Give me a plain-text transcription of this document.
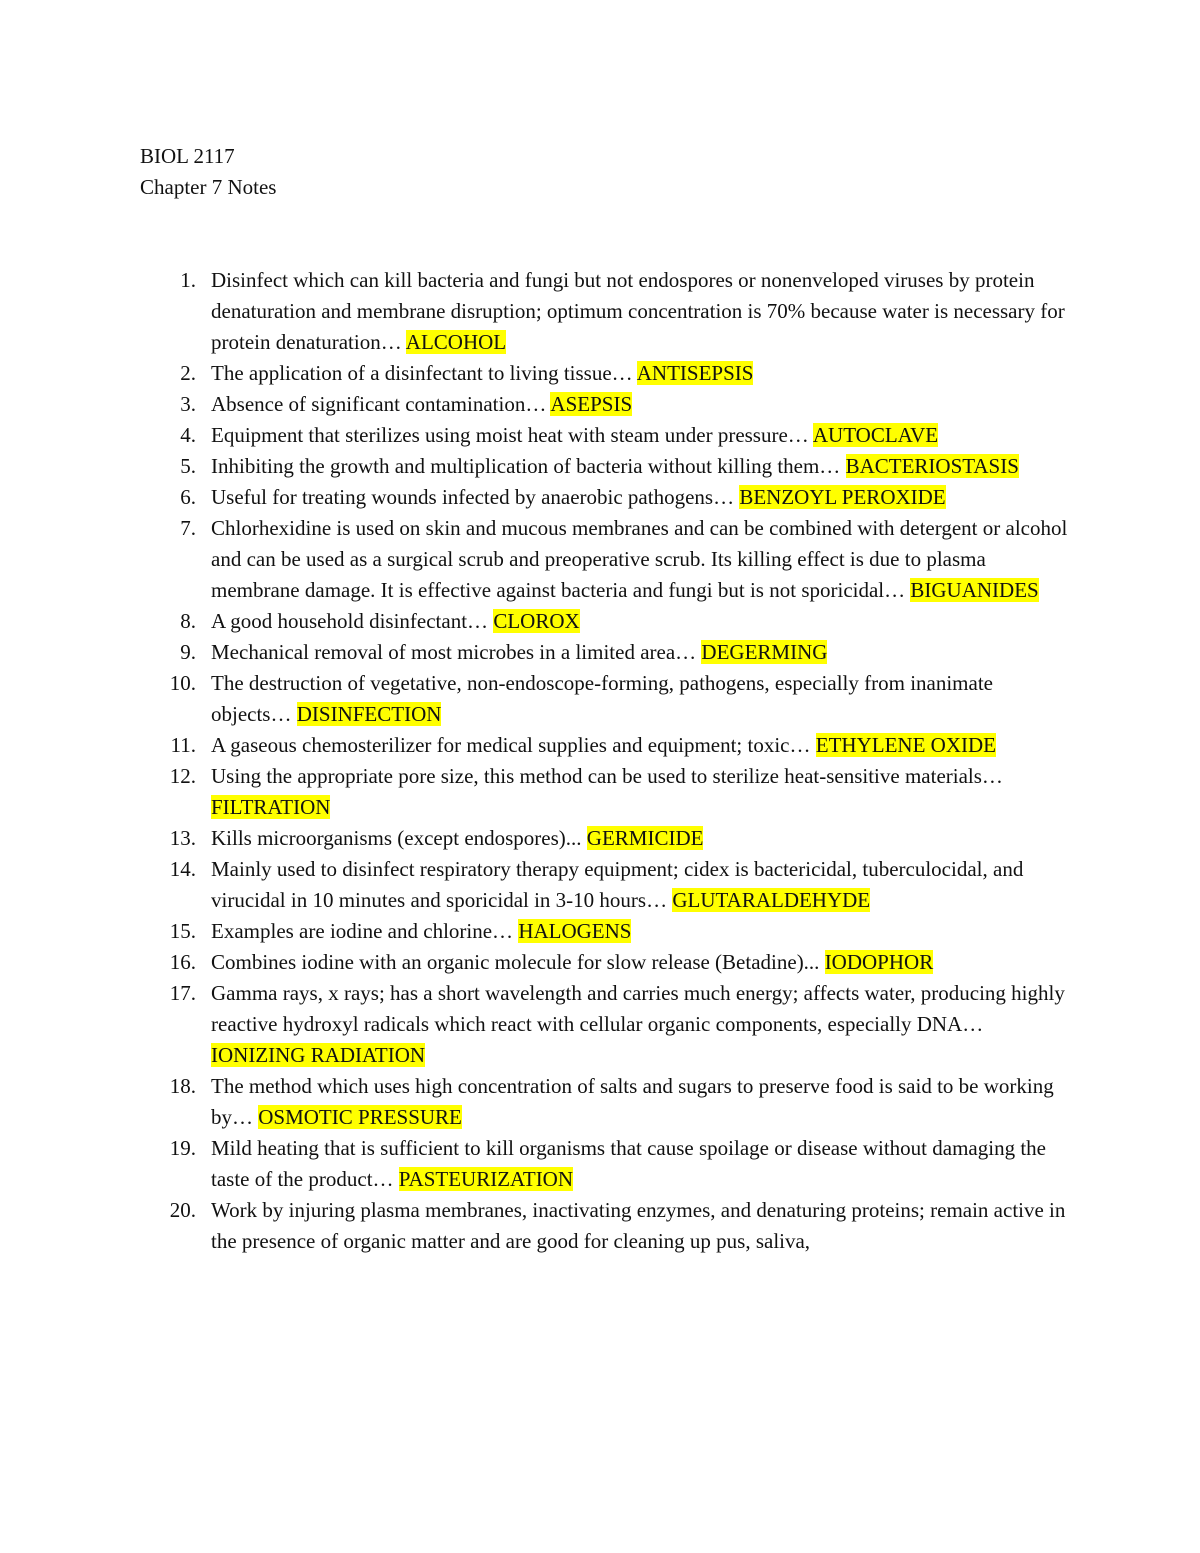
BIOL 2117
Chapter 7 Notes
1. Disinfect which can kill bacteria and fungi but not endospores or nonenveloped viruses by protein denaturation and membrane disruption; optimum concentration is 70% because water is necessary for protein denaturation… ALCOHOL
2. The application of a disinfectant to living tissue… ANTISEPSIS
3. Absence of significant contamination… ASEPSIS
4. Equipment that sterilizes using moist heat with steam under pressure… AUTOCLAVE
5. Inhibiting the growth and multiplication of bacteria without killing them… BACTERIOSTASIS
6. Useful for treating wounds infected by anaerobic pathogens… BENZOYL PEROXIDE
7. Chlorhexidine is used on skin and mucous membranes and can be combined with detergent or alcohol and can be used as a surgical scrub and preoperative scrub. Its killing effect is due to plasma membrane damage. It is effective against bacteria and fungi but is not sporicidal… BIGUANIDES
8. A good household disinfectant… CLOROX
9. Mechanical removal of most microbes in a limited area… DEGERMING
10. The destruction of vegetative, non-endoscope-forming, pathogens, especially from inanimate objects… DISINFECTION
11. A gaseous chemosterilizer for medical supplies and equipment; toxic… ETHYLENE OXIDE
12. Using the appropriate pore size, this method can be used to sterilize heat-sensitive materials… FILTRATION
13. Kills microorganisms (except endospores)... GERMICIDE
14. Mainly used to disinfect respiratory therapy equipment; cidex is bactericidal, tuberculocidal, and virucidal in 10 minutes and sporicidal in 3-10 hours… GLUTARALDEHYDE
15. Examples are iodine and chlorine… HALOGENS
16. Combines iodine with an organic molecule for slow release (Betadine)... IODOPHOR
17. Gamma rays, x rays; has a short wavelength and carries much energy; affects water, producing highly reactive hydroxyl radicals which react with cellular organic components, especially DNA… IONIZING RADIATION
18. The method which uses high concentration of salts and sugars to preserve food is said to be working by… OSMOTIC PRESSURE
19. Mild heating that is sufficient to kill organisms that cause spoilage or disease without damaging the taste of the product… PASTEURIZATION
20. Work by injuring plasma membranes, inactivating enzymes, and denaturing proteins; remain active in the presence of organic matter and are good for cleaning up pus, saliva,
